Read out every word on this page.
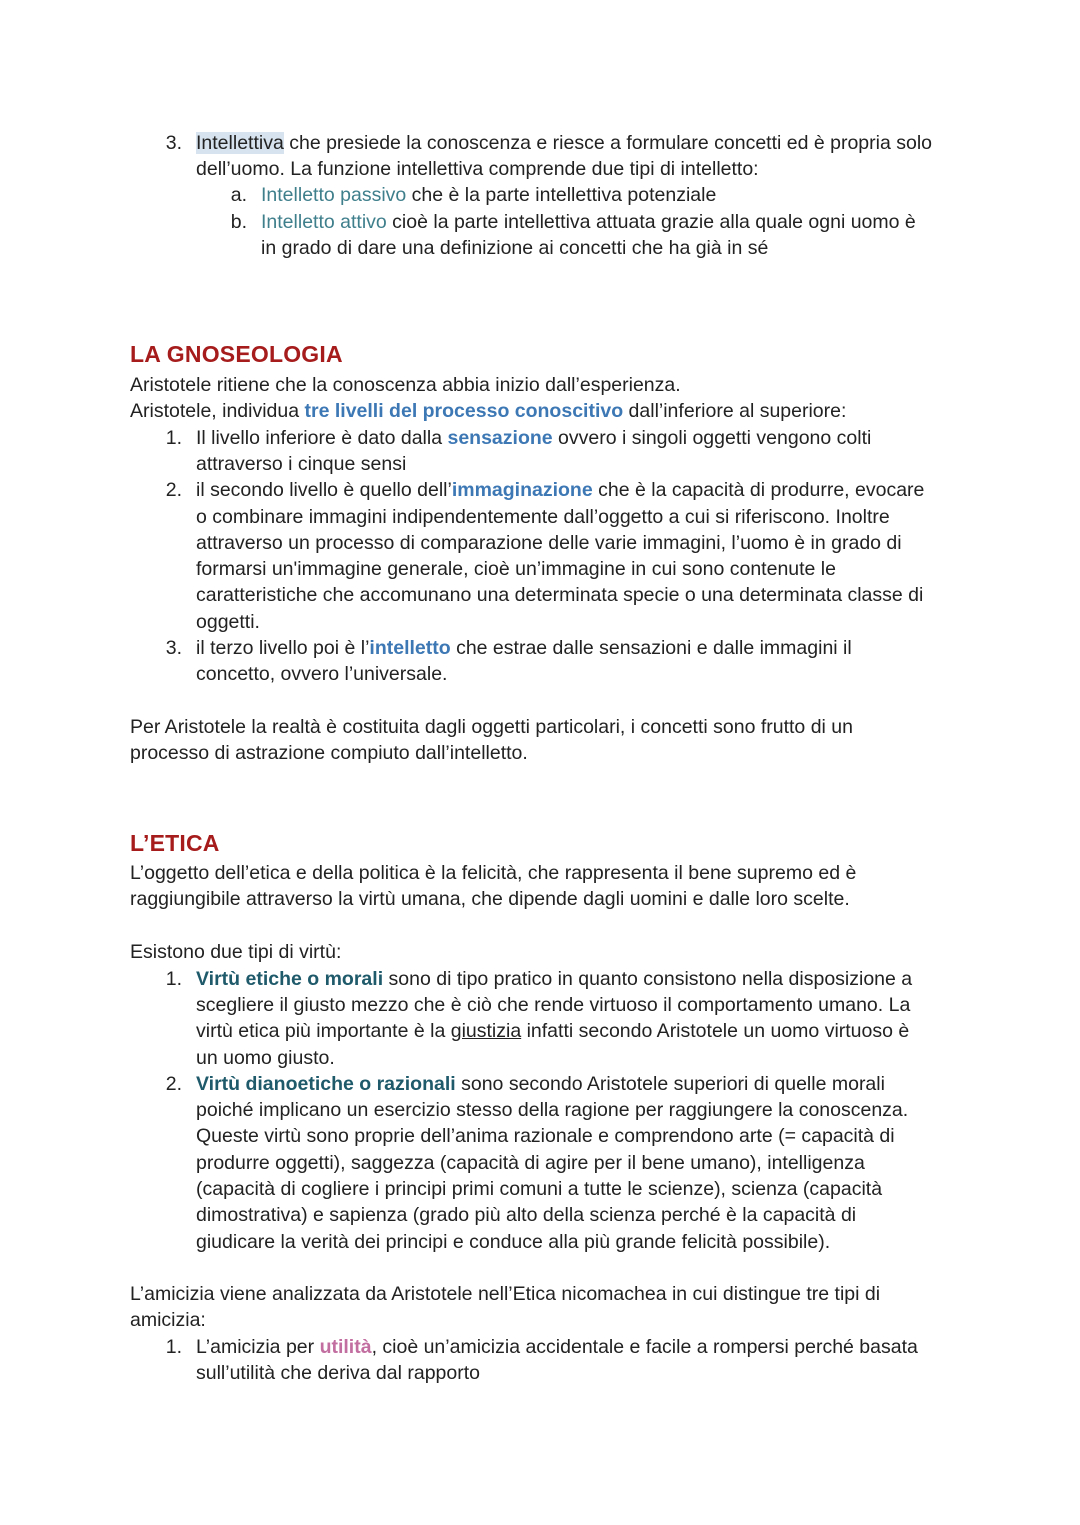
3. Intellettiva che presiede la conoscenza e riesce a formulare concetti ed è propria solo
dell’uomo. La funzione intellettiva comprende due tipi di intelletto:
a. Intelletto passivo che è la parte intellettiva potenziale
b. Intelletto attivo cioè la parte intellettiva attuata grazie alla quale ogni uomo è
in grado di dare una definizione ai concetti che ha già in sé
LA GNOSEOLOGIA
Aristotele ritiene che la conoscenza abbia inizio dall’esperienza.
Aristotele, individua tre livelli del processo conoscitivo dall’inferiore al superiore:
1. Il livello inferiore è dato dalla sensazione ovvero i singoli oggetti vengono colti
attraverso i cinque sensi
2. il secondo livello è quello dell’immaginazione che è la capacità di produrre, evocare
o combinare immagini indipendentemente dall’oggetto a cui si riferiscono. Inoltre
attraverso un processo di comparazione delle varie immagini, l’uomo è in grado di
formarsi un'immagine generale, cioè un’immagine in cui sono contenute le
caratteristiche che accomunano una determinata specie o una determinata classe di
oggetti.
3. il terzo livello poi è l’intelletto che estrae dalle sensazioni e dalle immagini il
concetto, ovvero l’universale.
Per Aristotele la realtà è costituita dagli oggetti particolari, i concetti sono frutto di un
processo di astrazione compiuto dall’intelletto.
L’ETICA
L’oggetto dell’etica e della politica è la felicità, che rappresenta il bene supremo ed è
raggiungibile attraverso la virtù umana, che dipende dagli uomini e dalle loro scelte.
Esistono due tipi di virtù:
1. Virtù etiche o morali sono di tipo pratico in quanto consistono nella disposizione a
scegliere il giusto mezzo che è ciò che rende virtuoso il comportamento umano. La
virtù etica più importante è la giustizia infatti secondo Aristotele un uomo virtuoso è
un uomo giusto.
2. Virtù dianoetiche o razionali sono secondo Aristotele superiori di quelle morali
poiché implicano un esercizio stesso della ragione per raggiungere la conoscenza.
Queste virtù sono proprie dell’anima razionale e comprendono arte (= capacità di
produrre oggetti), saggezza (capacità di agire per il bene umano), intelligenza
(capacità di cogliere i principi primi comuni a tutte le scienze), scienza (capacità
dimostrativa) e sapienza (grado più alto della scienza perché è la capacità di
giudicare la verità dei principi e conduce alla più grande felicità possibile).
L’amicizia viene analizzata da Aristotele nell’Etica nicomachea in cui distingue tre tipi di
amicizia:
1. L’amicizia per utilità, cioè un’amicizia accidentale e facile a rompersi perché basata
sull’utilità che deriva dal rapporto
